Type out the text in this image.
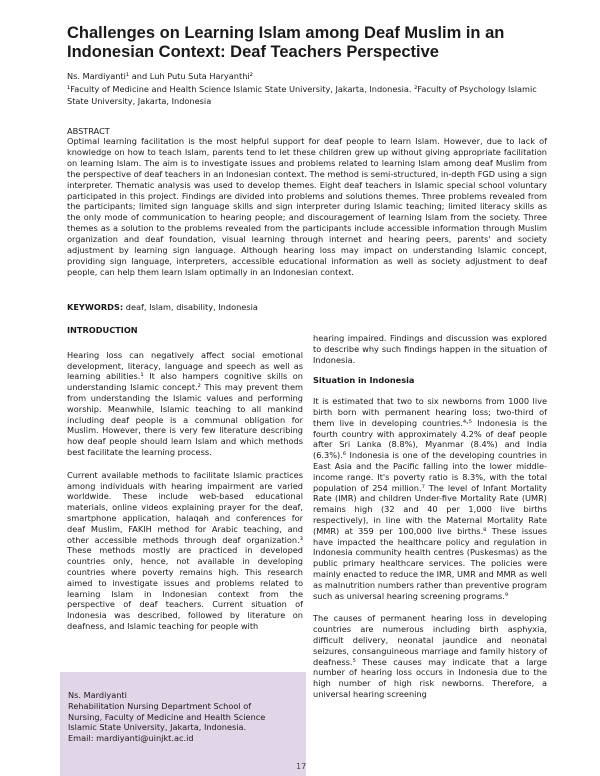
Challenges on Learning Islam among Deaf Muslim in an Indonesian Context: Deaf Teachers Perspective
Ns. Mardiyanti¹ and Luh Putu Suta Haryanthi²
¹Faculty of Medicine and Health Science Islamic State University, Jakarta, Indonesia. ²Faculty of Psychology Islamic State University, Jakarta, Indonesia
ABSTRACT

Optimal learning facilitation is the most helpful support for deaf people to learn Islam. However, due to lack of knowledge on how to teach Islam, parents tend to let these children grew up without giving appropriate facilitation on learning Islam. The aim is to investigate issues and problems related to learning Islam among deaf Muslim from the perspective of deaf teachers in an Indonesian context. The method is semi-structured, in-depth FGD using a sign interpreter. Thematic analysis was used to develop themes. Eight deaf teachers in Islamic special school voluntary participated in this project. Findings are divided into problems and solutions themes. Three problems revealed from the participants; limited sign language skills and sign interpreter during Islamic teaching; limited literacy skills as the only mode of communication to hearing people; and discouragement of learning Islam from the society. Three themes as a solution to the problems revealed from the participants include accessible information through Muslim organization and deaf foundation, visual learning through internet and hearing peers, parents' and society adjustment by learning sign language. Although hearing loss may impact on understanding Islamic concept, providing sign language, interpreters, accessible educational information as well as society adjustment to deaf people, can help them learn Islam optimally in an Indonesian context.

KEYWORDS: deaf, Islam, disability, Indonesia

INTRODUCTION

Hearing loss can negatively affect social emotional development, literacy, language and speech as well as learning abilities.¹ It also hampers cognitive skills on understanding Islamic concept.² This may prevent them from understanding the Islamic values and performing worship. Meanwhile, Islamic teaching to all mankind including deaf people is a communal obligation for Muslim. However, there is very few literature describing how deaf people should learn Islam and which methods best facilitate the learning process.

Current available methods to facilitate Islamic practices among individuals with hearing impairment are varied worldwide. These include web-based educational materials, online videos explaining prayer for the deaf, smartphone application, halaqah and conferences for deaf Muslim, FAKIH method for Arabic teaching, and other accessible methods through deaf organization.³ These methods mostly are practiced in developed countries only, hence, not available in developing countries where poverty remains high. This research aimed to investigate issues and problems related to learning Islam in Indonesian context from the perspective of deaf teachers. Current situation of Indonesia was described, followed by literature on deafness, and Islamic teaching for people with

hearing impaired. Findings and discussion was explored to describe why such findings happen in the situation of Indonesia.

Situation in Indonesia

It is estimated that two to six newborns from 1000 live birth born with permanent hearing loss; two-third of them live in developing countries.⁴˒⁵ Indonesia is the fourth country with approximately 4.2% of deaf people after Sri Lanka (8.8%), Myanmar (8.4%) and India (6.3%).⁶ Indonesia is one of the developing countries in East Asia and the Pacific falling into the lower middle-income range. It's poverty ratio is 8.3%, with the total population of 254 million.⁷ The level of Infant Mortality Rate (IMR) and children Under-five Mortality Rate (UMR) remains high (32 and 40 per 1,000 live births respectively), in line with the Maternal Mortality Rate (MMR) at 359 per 100,000 live births.⁸ These issues have impacted the healthcare policy and regulation in Indonesia community health centres (Puskesmas) as the public primary healthcare services. The policies were mainly enacted to reduce the IMR, UMR and MMR as well as malnutrition numbers rather than preventive program such as universal hearing screening programs.⁹

The causes of permanent hearing loss in developing countries are numerous including birth asphyxia, difficult delivery, neonatal jaundice and neonatal seizures, consanguineous marriage and family history of deafness.⁵ These causes may indicate that a large number of hearing loss occurs in Indonesia due to the high number of high risk newborns. Therefore, a universal hearing screening

Ns. Mardiyanti
Rehabilitation Nursing Department School of
Nursing, Faculty of Medicine and Health Science
Islamic State University, Jakarta, Indonesia.
Email: mardiyanti@uinjkt.ac.id
17
